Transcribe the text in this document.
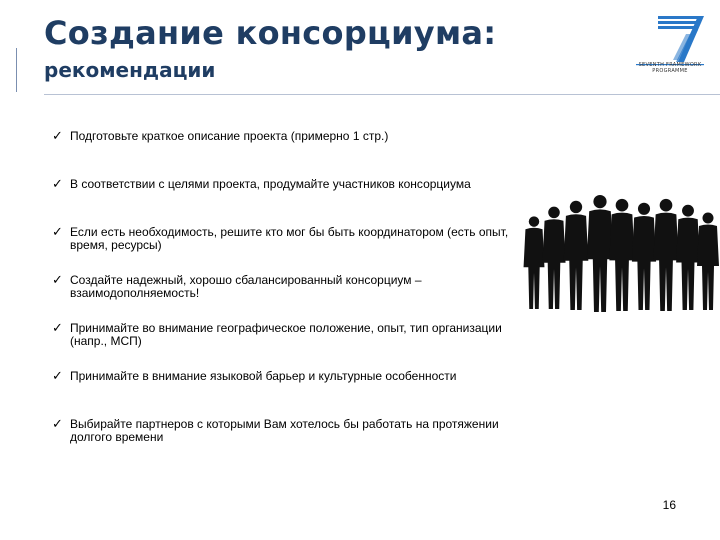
Создание консорциума:
рекомендации	SEVENTH FRAMEWORK PROGRAMME
✓ Подготовьте краткое описание проекта (примерно 1 стр.)
✓ В соответствии с целями проекта, продумайте участников консорциума
✓ Если есть необходимость, решите кто мог бы быть координатором (есть опыт, время, ресурсы)
✓ Создайте надежный, хорошо сбалансированный консорциум – взаимодополняемость!
✓ Принимайте во внимание географическое положение, опыт, тип организации (напр., МСП)
✓ Принимайте в внимание языковой барьер и культурные особенности
✓ Выбирайте партнеров с которыми Вам хотелось бы работать на протяжении долгого времени
16
